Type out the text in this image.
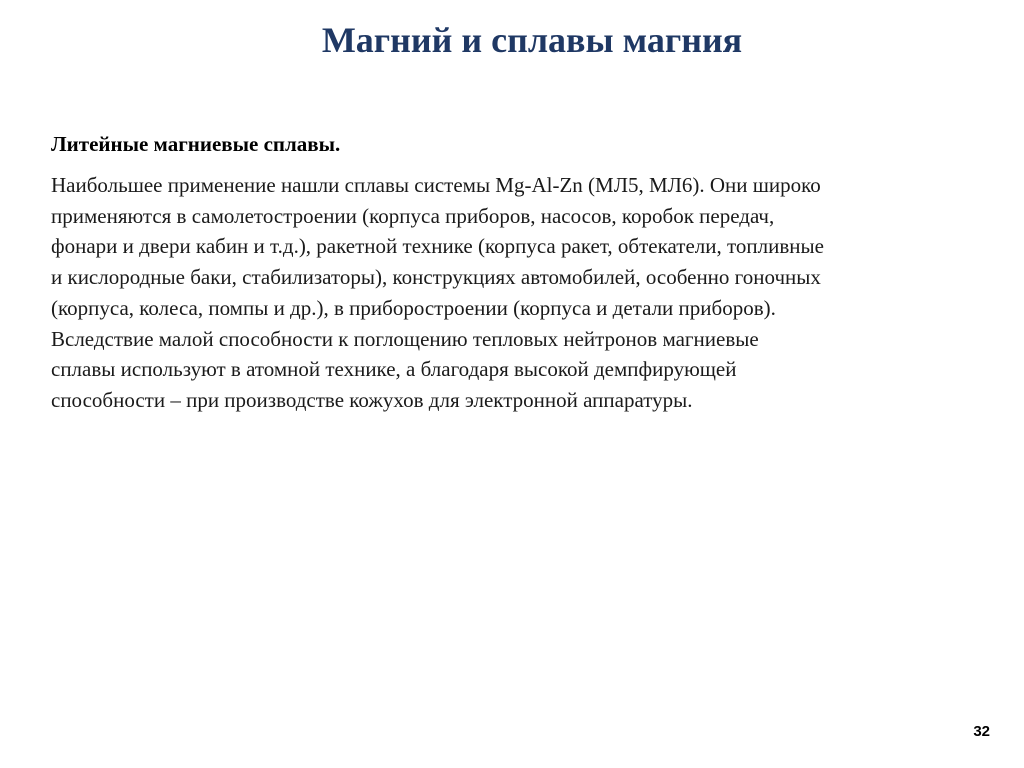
Магний и сплавы магния
Литейные магниевые сплавы.
Наибольшее применение нашли сплавы системы Mg-Al-Zn (МЛ5, МЛ6). Они широко
применяются в самолетостроении (корпуса приборов, насосов, коробок передач,
фонари и двери кабин и т.д.), ракетной технике (корпуса ракет, обтекатели, топливные
и кислородные баки, стабилизаторы), конструкциях автомобилей, особенно гоночных
(корпуса, колеса, помпы и др.), в приборостроении (корпуса и детали приборов).
Вследствие малой способности к поглощению тепловых нейтронов магниевые
сплавы используют в атомной технике, а благодаря высокой демпфирующей
способности – при производстве кожухов для электронной аппаратуры.
32
